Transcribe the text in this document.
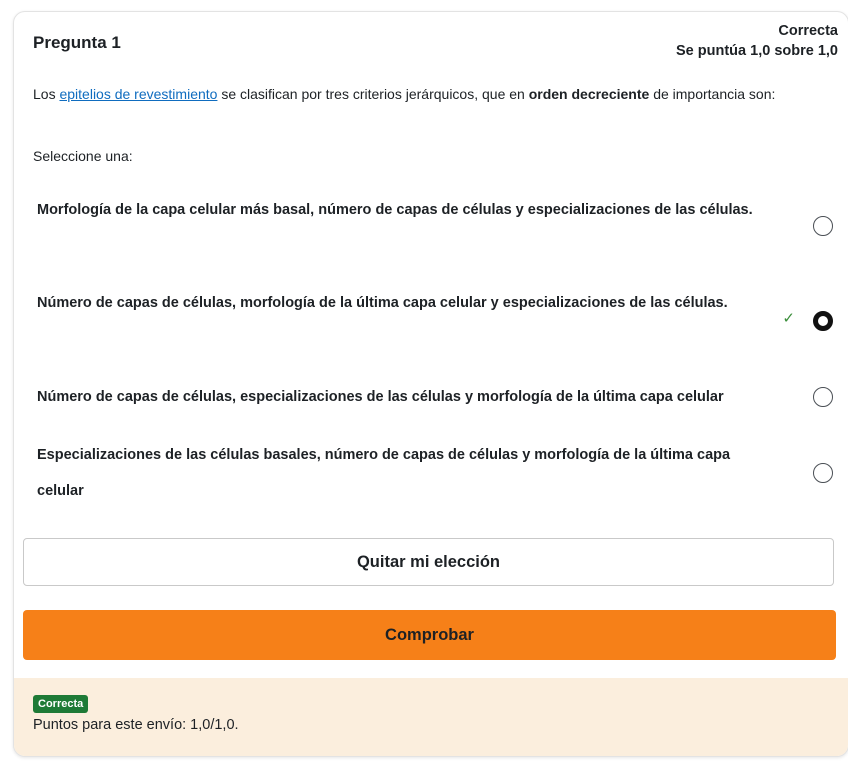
Pregunta 1
Correcta
Se puntúa 1,0 sobre 1,0
Los epitelios de revestimiento se clasifican por tres criterios jerárquicos, que en orden decreciente de importancia son:
Seleccione una:
Morfología de la capa celular más basal, número de capas de células y especializaciones de las células.
Número de capas de células, morfología de la última capa celular y especializaciones de las células.
✓
Número de capas de células, especializaciones de las células y morfología de la última capa celular
Especializaciones de las células basales, número de capas de células y morfología de la última capa celular
Quitar mi elección
Comprobar
Correcta
Puntos para este envío: 1,0/1,0.
